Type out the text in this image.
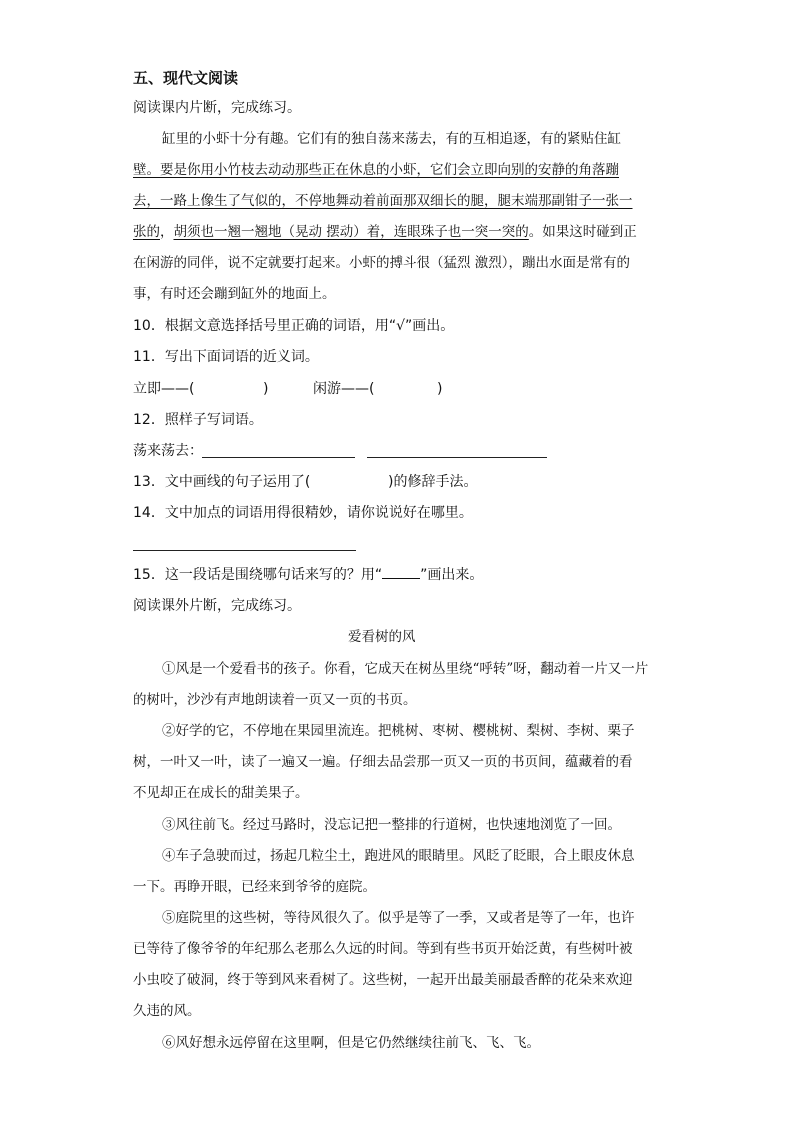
五、现代文阅读
阅读课内片断，完成练习。
缸里的小虾十分有趣。它们有的独自荡来荡去，有的互相追逐，有的紧贴住缸
壁。要是你用小竹枝去动动那些正在休息的小虾，它们会立即向别的安静的角落蹦
去，一路上像生了气似的，不停地舞动着前面那双细长的腿，腿末端那副钳子一张一
张的，胡须也一翘一翘地（晃动 摆动）着，连眼珠子也一突一突的。如果这时碰到正
在闲游的同伴，说不定就要打起来。小虾的搏斗很（猛烈 激烈），蹦出水面是常有的
事，有时还会蹦到缸外的地面上。
10．根据文意选择括号里正确的词语，用“√”画出。
11．写出下面词语的近义词。
立即——(	)	闲游——(	)
12．照样子写词语。
荡来荡去：
13．文中画线的句子运用了(	)的修辞手法。
14．文中加点的词语用得很精妙，请你说说好在哪里。
15．这一段话是围绕哪句话来写的？用“	”画出来。
阅读课外片断，完成练习。
爱看树的风
①风是一个爱看书的孩子。你看，它成天在树丛里绕“呼转”呀，翻动着一片又一片
的树叶，沙沙有声地朗读着一页又一页的书页。
②好学的它，不停地在果园里流连。把桃树、枣树、樱桃树、梨树、李树、栗子
树，一叶又一叶，读了一遍又一遍。仔细去品尝那一页又一页的书页间，蕴藏着的看
不见却正在成长的甜美果子。
③风往前飞。经过马路时，没忘记把一整排的行道树，也快速地浏览了一回。
④车子急驶而过，扬起几粒尘土，跑进风的眼睛里。风眨了眨眼，合上眼皮休息
一下。再睁开眼，已经来到爷爷的庭院。
⑤庭院里的这些树，等待风很久了。似乎是等了一季，又或者是等了一年，也许
已等待了像爷爷的年纪那么老那么久远的时间。等到有些书页开始泛黄，有些树叶被
小虫咬了破洞，终于等到风来看树了。这些树，一起开出最美丽最香醉的花朵来欢迎
久违的风。
⑥风好想永远停留在这里啊，但是它仍然继续往前飞、飞、飞。
